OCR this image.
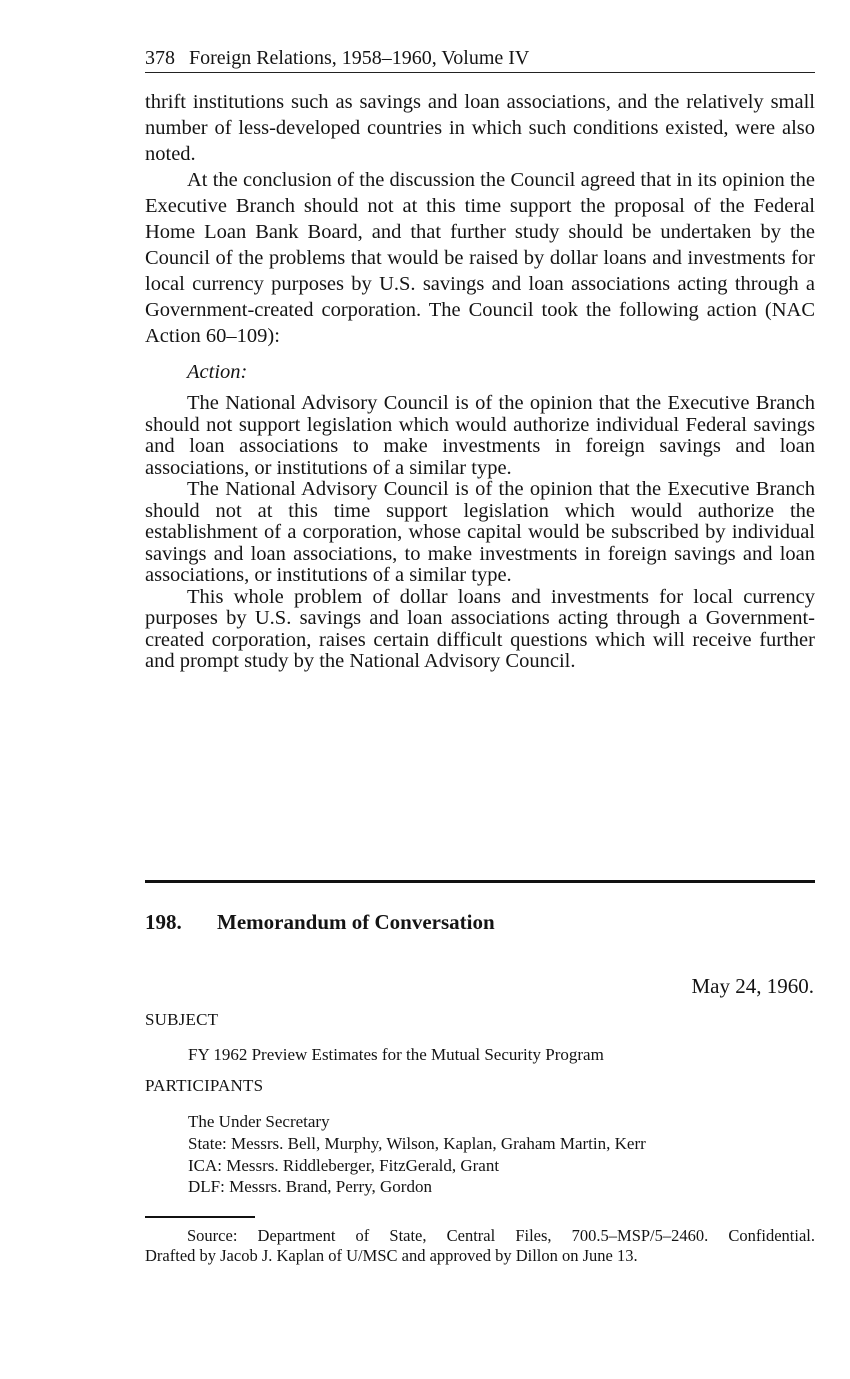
378 Foreign Relations, 1958–1960, Volume IV

thrift institutions such as savings and loan associations, and the relatively small number of less-developed countries in which such conditions existed, were also noted.

At the conclusion of the discussion the Council agreed that in its opinion the Executive Branch should not at this time support the proposal of the Federal Home Loan Bank Board, and that further study should be undertaken by the Council of the problems that would be raised by dollar loans and investments for local currency purposes by U.S. savings and loan associations acting through a Government-created corporation. The Council took the following action (NAC Action 60–109):

Action:

The National Advisory Council is of the opinion that the Executive Branch should not support legislation which would authorize individual Federal savings and loan associations to make investments in foreign savings and loan associations, or institutions of a similar type.

The National Advisory Council is of the opinion that the Executive Branch should not at this time support legislation which would authorize the establishment of a corporation, whose capital would be subscribed by individual savings and loan associations, to make investments in foreign savings and loan associations, or institutions of a similar type.

This whole problem of dollar loans and investments for local currency purposes by U.S. savings and loan associations acting through a Government-created corporation, raises certain difficult questions which will receive further and prompt study by the National Advisory Council.

198. Memorandum of Conversation
May 24, 1960.
SUBJECT
FY 1962 Preview Estimates for the Mutual Security Program
PARTICIPANTS
The Under Secretary
State: Messrs. Bell, Murphy, Wilson, Kaplan, Graham Martin, Kerr
ICA: Messrs. Riddleberger, FitzGerald, Grant
DLF: Messrs. Brand, Perry, Gordon
Source: Department of State, Central Files, 700.5–MSP/5–2460. Confidential.
Drafted by Jacob J. Kaplan of U/MSC and approved by Dillon on June 13.
